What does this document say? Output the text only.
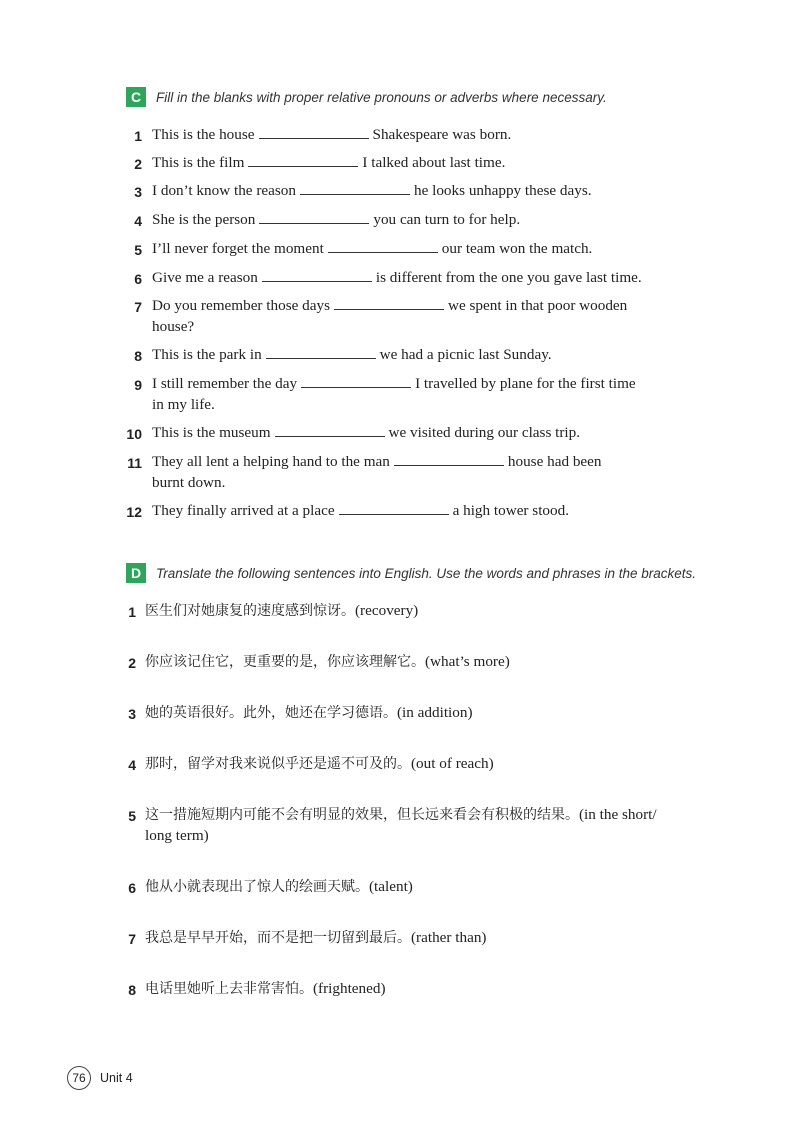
C	Fill in the blanks with proper relative pronouns or adverbs where necessary.
1 This is the house	Shakespeare was born.
2 This is the film	I talked about last time.
3 I don’t know the reason	he looks unhappy these days.
4 She is the person	you can turn to for help.
5 I’ll never forget the moment	our team won the match.
6 Give me a reason	is different from the one you gave last time.
7 Do you remember those days	we spent in that poor wooden
house?
8 This is the park in	we had a picnic last Sunday.
9 I still remember the day	I travelled by plane for the first time
in my life.
10 This is the museum	we visited during our class trip.
11 They all lent a helping hand to the man	house had been
burnt down.
12 They finally arrived at a place	a high tower stood.
D	Translate the following sentences into English. Use the words and phrases in the brackets.
1 医生们对她康复的速度感到惊讶。(recovery)
2 你应该记住它，更重要的是，你应该理解它。(what’s more)
3 她的英语很好。此外，她还在学习德语。(in addition)
4 那时，留学对我来说似乎还是遥不可及的。(out of reach)
5 这一措施短期内可能不会有明显的效果，但长远来看会有积极的结果。(in the short/
long term)
6 他从小就表现出了惊人的绘画天赋。(talent)
7 我总是早早开始，而不是把一切留到最后。(rather than)
8 电话里她听上去非常害怕。(frightened)
76	Unit 4
